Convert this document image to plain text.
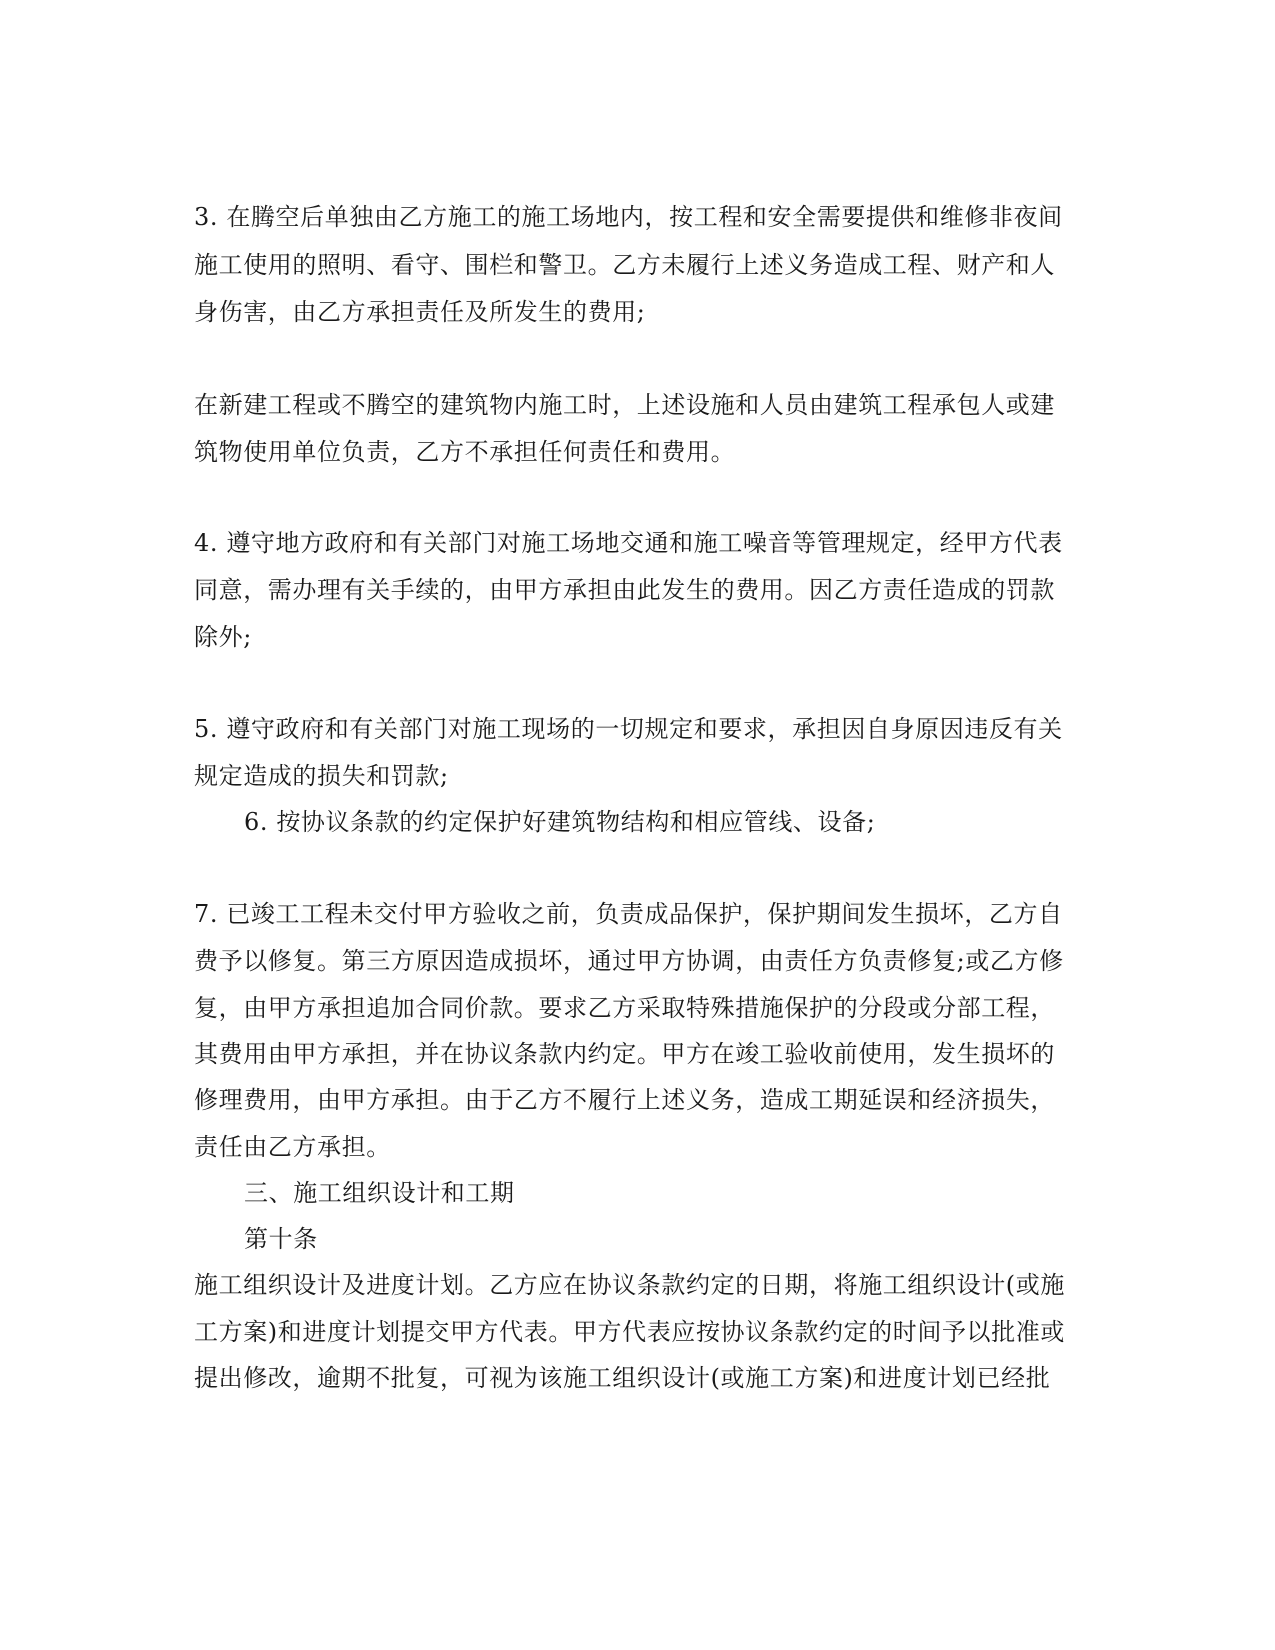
3. 在腾空后单独由乙方施工的施工场地内，按工程和安全需要提供和维修非夜间
施工使用的照明、看守、围栏和警卫。乙方未履行上述义务造成工程、财产和人
身伤害，由乙方承担责任及所发生的费用;
在新建工程或不腾空的建筑物内施工时，上述设施和人员由建筑工程承包人或建
筑物使用单位负责，乙方不承担任何责任和费用。
4. 遵守地方政府和有关部门对施工场地交通和施工噪音等管理规定，经甲方代表
同意，需办理有关手续的，由甲方承担由此发生的费用。因乙方责任造成的罚款
除外;
5. 遵守政府和有关部门对施工现场的一切规定和要求，承担因自身原因违反有关
规定造成的损失和罚款;
6. 按协议条款的约定保护好建筑物结构和相应管线、设备;
7. 已竣工工程未交付甲方验收之前，负责成品保护，保护期间发生损坏，乙方自
费予以修复。第三方原因造成损坏，通过甲方协调，由责任方负责修复;或乙方修
复，由甲方承担追加合同价款。要求乙方采取特殊措施保护的分段或分部工程，
其费用由甲方承担，并在协议条款内约定。甲方在竣工验收前使用，发生损坏的
修理费用，由甲方承担。由于乙方不履行上述义务，造成工期延误和经济损失，
责任由乙方承担。
三、施工组织设计和工期
第十条
施工组织设计及进度计划。乙方应在协议条款约定的日期，将施工组织设计(或施
工方案)和进度计划提交甲方代表。甲方代表应按协议条款约定的时间予以批准或
提出修改，逾期不批复，可视为该施工组织设计(或施工方案)和进度计划已经批
